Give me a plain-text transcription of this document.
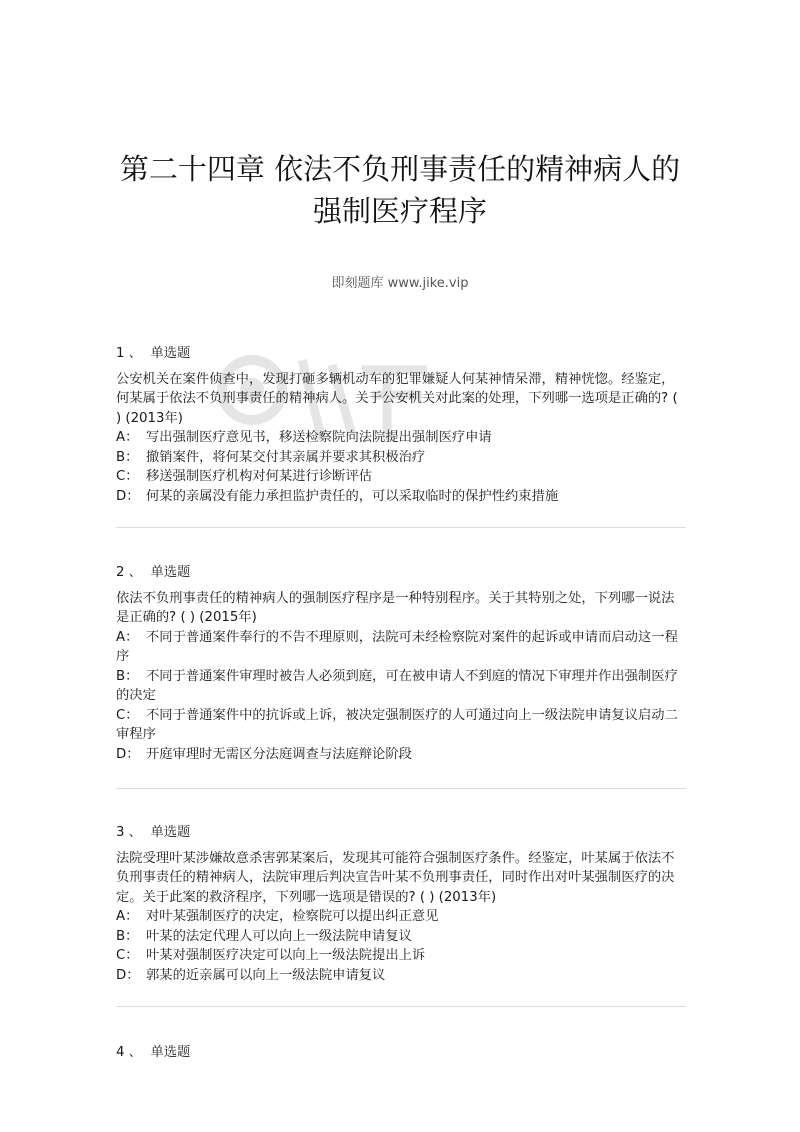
第二十四章 依法不负刑事责任的精神病人的
强制医疗程序
即刻题库 www.jike.vip
1 、 单选题

公安机关在案件侦查中，发现打砸多辆机动车的犯罪嫌疑人何某神情呆滞，精神恍惚。经鉴定，何某属于依法不负刑事责任的精神病人。关于公安机关对此案的处理，下列哪一选项是正确的? ( ) (2013年)

A： 写出强制医疗意见书，移送检察院向法院提出强制医疗申请

B： 撤销案件，将何某交付其亲属并要求其积极治疗

C： 移送强制医疗机构对何某进行诊断评估

D： 何某的亲属没有能力承担监护责任的，可以采取临时的保护性约束措施

2 、 单选题

依法不负刑事责任的精神病人的强制医疗程序是一种特别程序。关于其特别之处，下列哪一说法是正确的? ( ) (2015年)

A： 不同于普通案件奉行的不告不理原则，法院可未经检察院对案件的起诉或申请而启动这一程序

B： 不同于普通案件审理时被告人必须到庭，可在被申请人不到庭的情况下审理并作出强制医疗的决定

C： 不同于普通案件中的抗诉或上诉，被决定强制医疗的人可通过向上一级法院申请复议启动二审程序

D： 开庭审理时无需区分法庭调查与法庭辩论阶段

3 、 单选题

法院受理叶某涉嫌故意杀害郭某案后，发现其可能符合强制医疗条件。经鉴定，叶某属于依法不负刑事责任的精神病人，法院审理后判决宣告叶某不负刑事责任，同时作出对叶某强制医疗的决定。关于此案的救济程序，下列哪一选项是错误的? ( ) (2013年)

A： 对叶某强制医疗的决定，检察院可以提出纠正意见

B： 叶某的法定代理人可以向上一级法院申请复议

C： 叶某对强制医疗决定可以向上一级法院提出上诉

D： 郭某的近亲属可以向上一级法院申请复议

4 、 单选题
